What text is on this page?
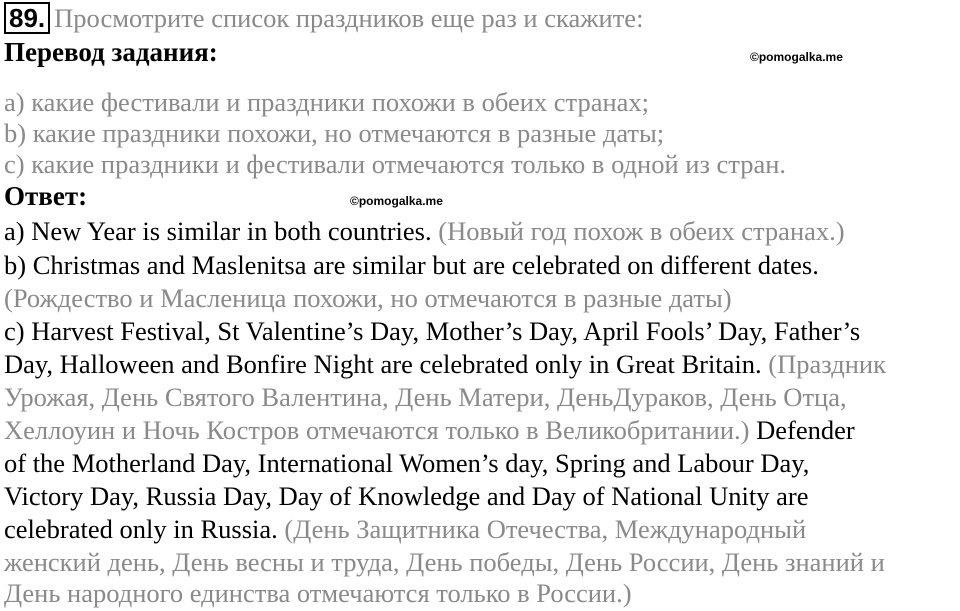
89. Просмотрите список праздников еще раз и скажите:
Перевод задания:	©pomogalka.me
а) какие фестивали и праздники похожи в обеих странах;
b) какие праздники похожи, но отмечаются в разные даты;
с) какие праздники и фестивали отмечаются только в одной из стран.
Ответ:	©pomogalka.me
a) New Year is similar in both countries. (Новый год похож в обеих странах.)
b) Christmas and Maslenitsa are similar but are celebrated on different dates.
(Рождество и Масленица похожи, но отмечаются в разные даты)
c) Harvest Festival, St Valentine’s Day, Mother’s Day, April Fools’ Day, Father’s
Day, Halloween and Bonfire Night are celebrated only in Great Britain. (Праздник
Урожая, День Святого Валентина, День Матери, ДеньДураков, День Отца,
Хеллоуин и Ночь Костров отмечаются только в Великобритании.) Defender
of the Motherland Day, International Women’s day, Spring and Labour Day,
Victory Day, Russia Day, Day of Knowledge and Day of National Unity are
celebrated only in Russia. (День Защитника Отечества, Международный
женский день, День весны и труда, День победы, День России, День знаний и
День народного единства отмечаются только в России.)
